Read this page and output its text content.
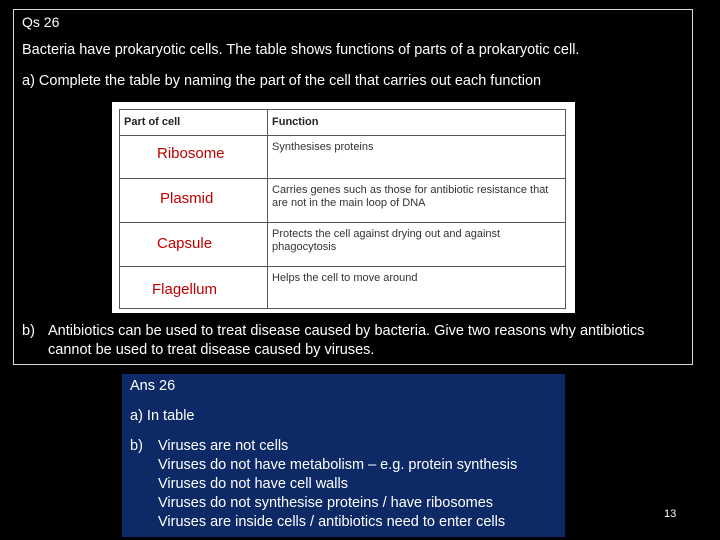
Qs 26
Bacteria have prokaryotic cells. The table shows functions of parts of a prokaryotic cell.
a) Complete the table by naming the part of the cell that carries out each function
Part of cell	Function
Synthesises proteins
Carries genes such as those for antibiotic resistance that are not in the main loop of DNA
Protects the cell against drying out and against phagocytosis
Helps the cell to move around
Ribosome
Plasmid
Capsule
Flagellum
b) Antibiotics can be used to treat disease caused by bacteria. Give two reasons why antibiotics cannot be used to treat disease caused by viruses.
Ans 26
a) In table
b) Viruses are not cells
Viruses do not have metabolism – e.g. protein synthesis
Viruses do not have cell walls
Viruses do not synthesise proteins / have ribosomes
Viruses are inside cells / antibiotics need to enter cells	13
